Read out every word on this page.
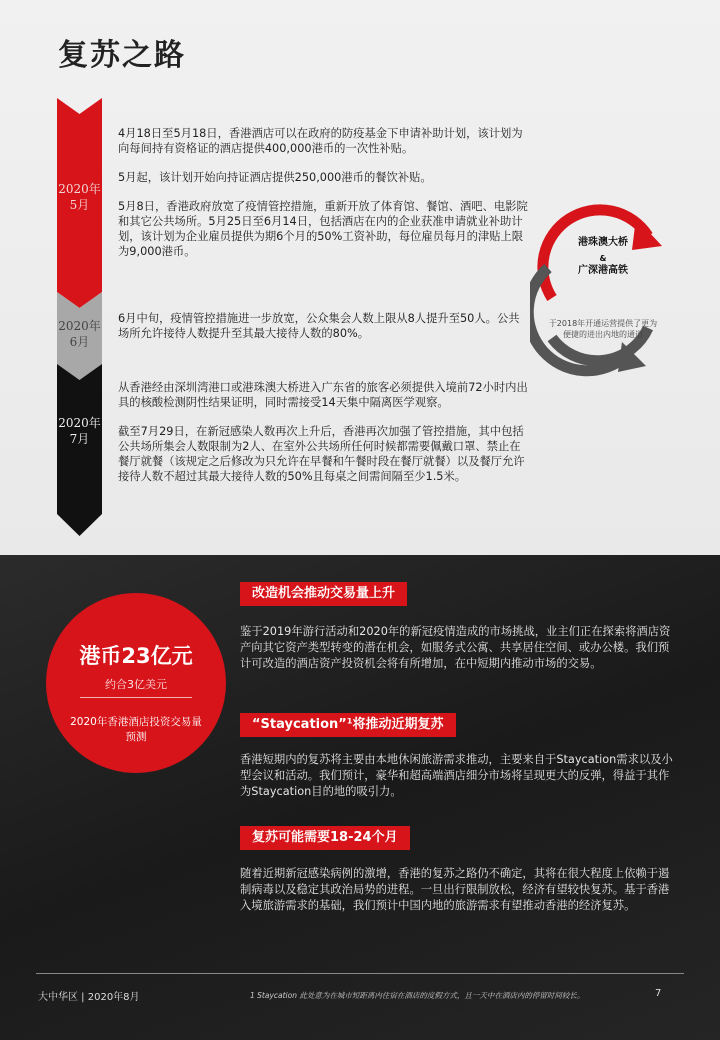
复苏之路
2020年
5月
2020年
6月
2020年
7月

4月18日至5月18日，香港酒店可以在政府的防疫基金下申请补助计划，该计划为向每间持有资格证的酒店提供400,000港币的一次性补贴。

5月起，该计划开始向持证酒店提供250,000港币的餐饮补贴。

5月8日，香港政府放宽了疫情管控措施，重新开放了体育馆、餐馆、酒吧、电影院和其它公共场所。5月25日至6月14日，包括酒店在内的企业获准申请就业补助计划，该计划为企业雇员提供为期6个月的50%工资补助，每位雇员每月的津贴上限为9,000港币。

6月中旬，疫情管控措施进一步放宽，公众集会人数上限从8人提升至50人。公共场所允许接待人数提升至其最大接待人数的80%。

从香港经由深圳湾港口或港珠澳大桥进入广东省的旅客必须提供入境前72小时内出具的核酸检测阴性结果证明，同时需接受14天集中隔离医学观察。

截至7月29日，在新冠感染人数再次上升后，香港再次加强了管控措施，其中包括公共场所集会人数限制为2人、在室外公共场所任何时候都需要佩戴口罩、禁止在餐厅就餐（该规定之后修改为只允许在早餐和午餐时段在餐厅就餐）以及餐厅允许接待人数不超过其最大接待人数的50%且每桌之间需间隔至少1.5米。

港珠澳大桥
&
广深港高铁
于2018年开通运营提供了更为便捷的进出内地的通道
港币23亿元
约合3亿美元
2020年香港酒店投资交易量预测
改造机会推动交易量上升
鉴于2019年游行活动和2020年的新冠疫情造成的市场挑战，业主们正在探索将酒店资产向其它资产类型转变的潜在机会，如服务式公寓、共享居住空间、或办公楼。我们预计可改造的酒店资产投资机会将有所增加，在中短期内推动市场的交易。
“Staycation”¹将推动近期复苏
香港短期内的复苏将主要由本地休闲旅游需求推动，主要来自于Staycation需求以及小型会议和活动。我们预计，豪华和超高端酒店细分市场将呈现更大的反弹，得益于其作为Staycation目的地的吸引力。
复苏可能需要18-24个月
随着近期新冠感染病例的激增，香港的复苏之路仍不确定，其将在很大程度上依赖于遏制病毒以及稳定其政治局势的进程。一旦出行限制放松，经济有望较快复苏。基于香港入境旅游需求的基础，我们预计中国内地的旅游需求有望推动香港的经济复苏。
大中华区 | 2020年8月	1 Staycation 此处意为在城市短距离内住宿在酒店的度假方式，且一天中在酒店内的停留时间较长。	7
